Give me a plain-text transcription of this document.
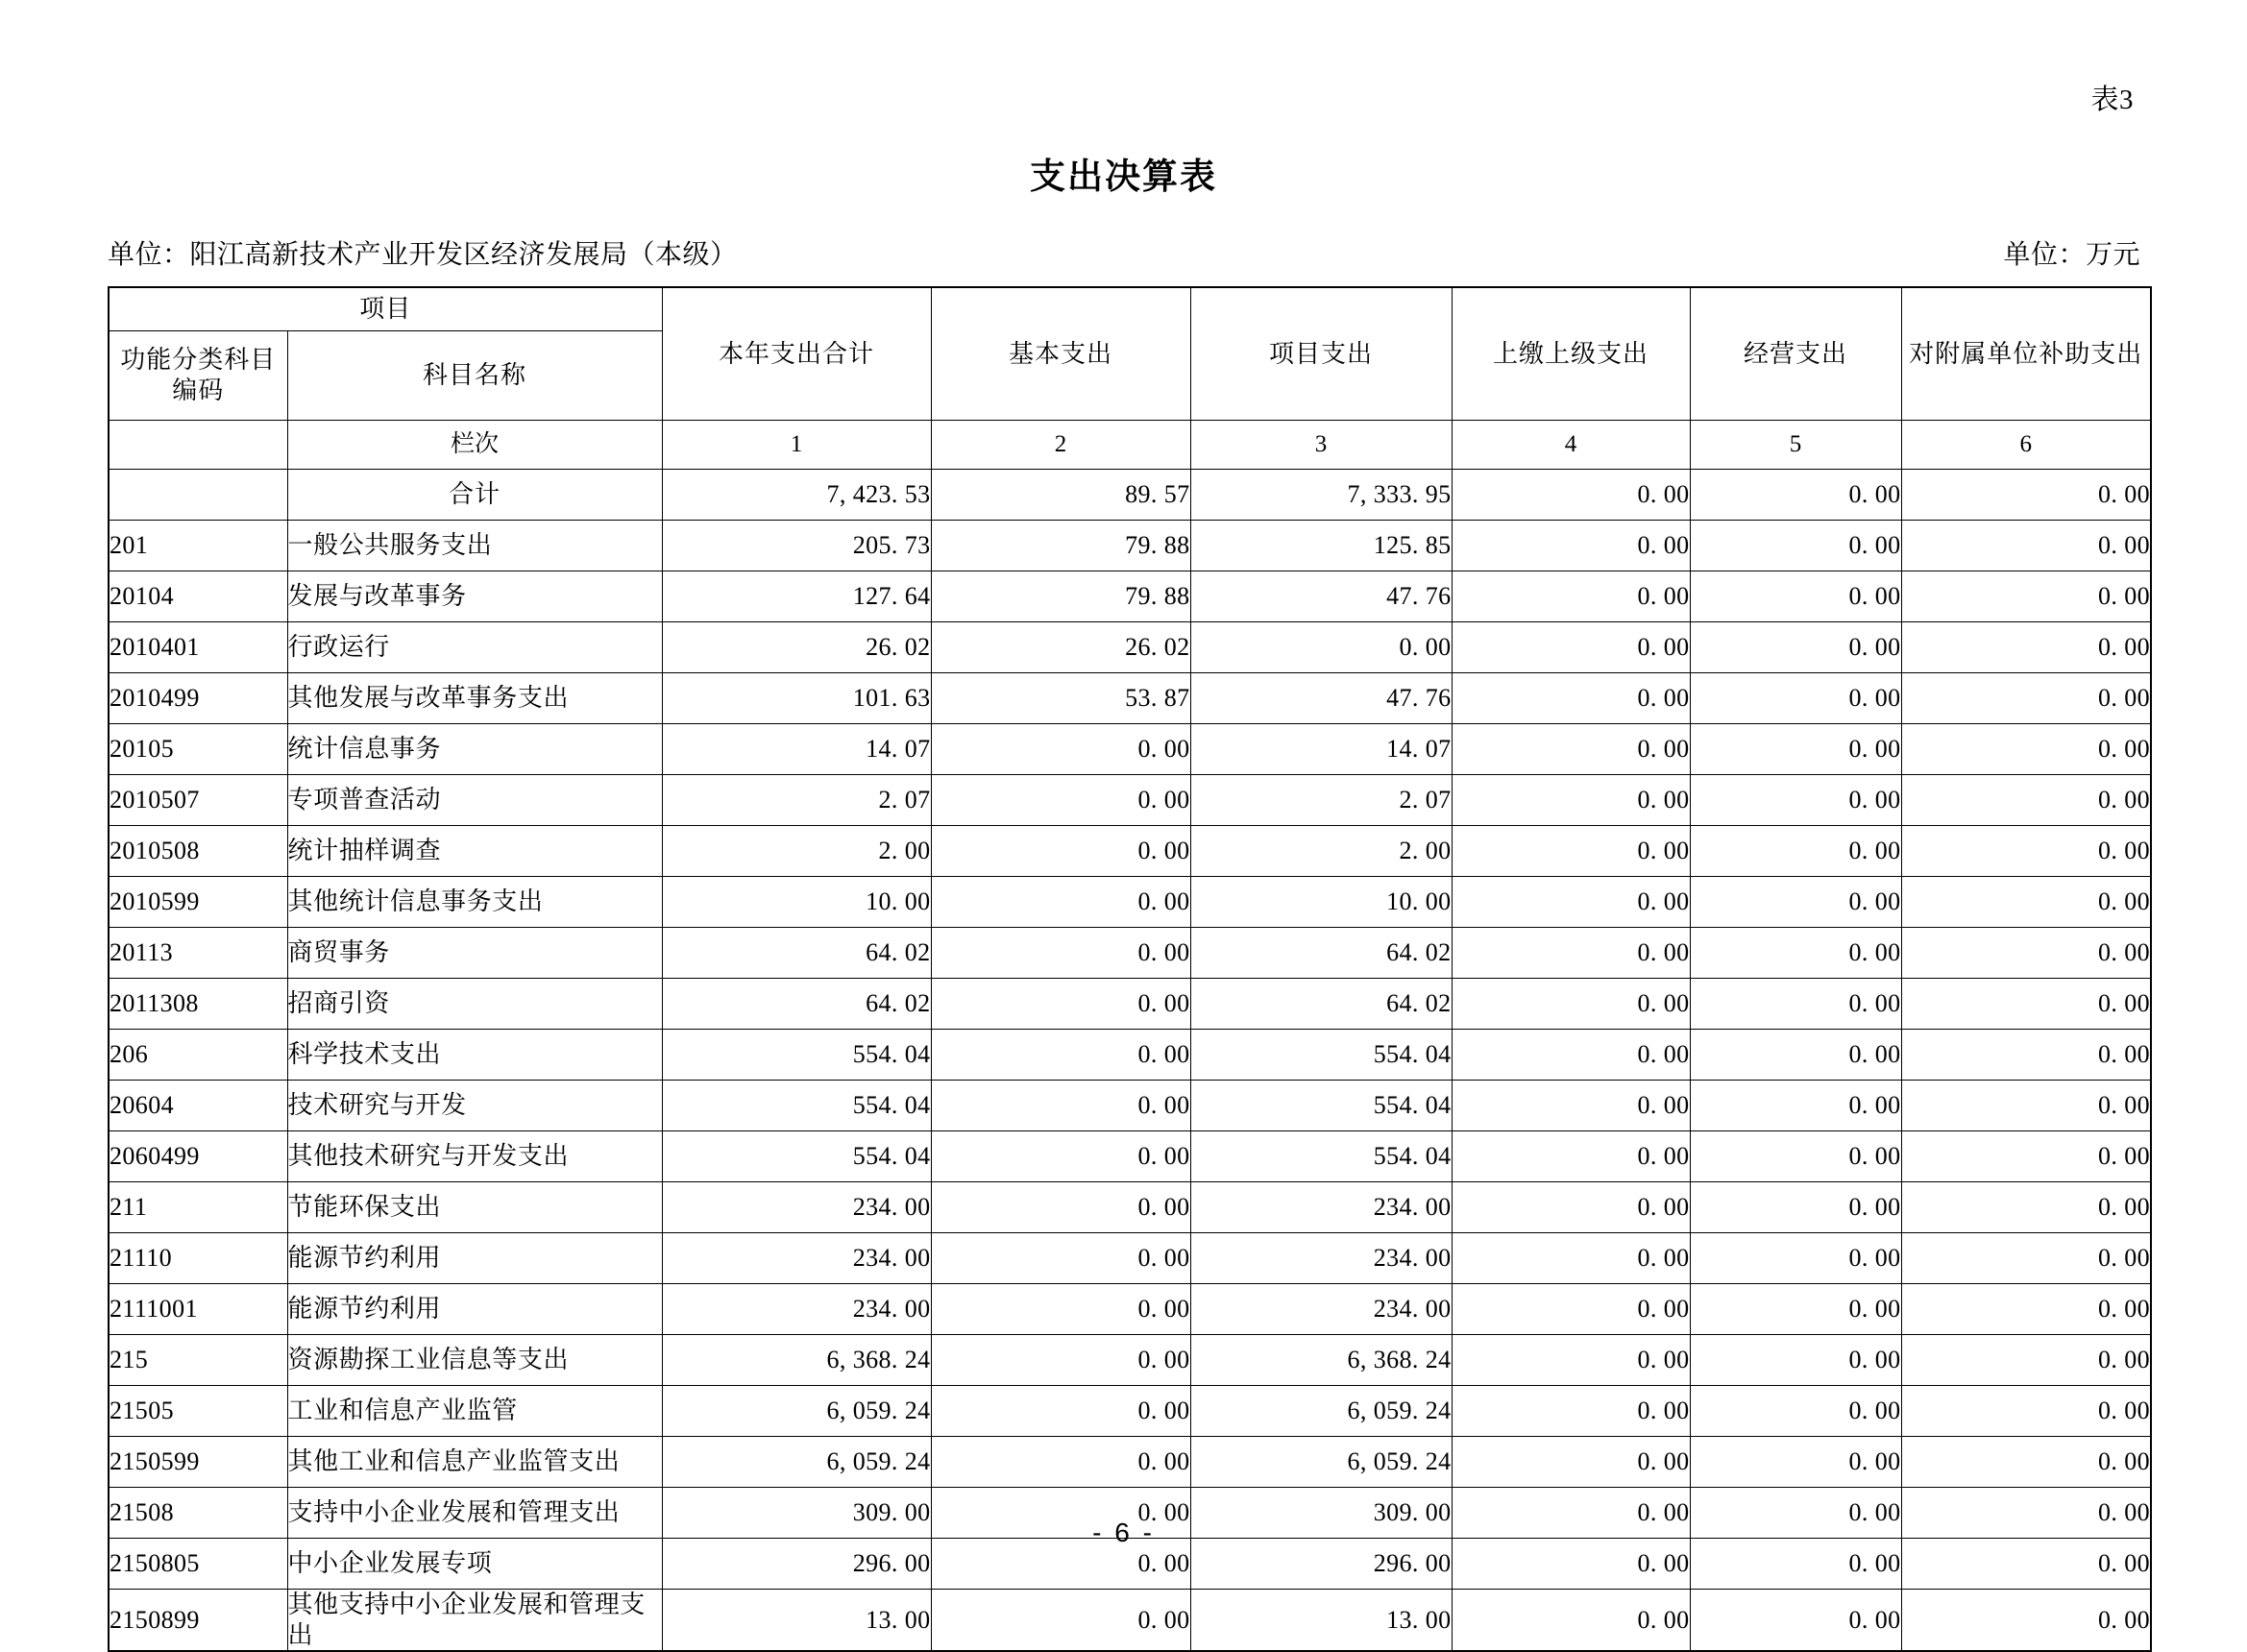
表3
支出决算表
单位：阳江高新技术产业开发区经济发展局（本级）	单位：万元
项目		本年支出合计	基本支出	项目支出	上缴上级支出	经营支出	对附属单位补助支出
功能分类科目编码	科目名称						
	栏次	1	2	3	4	5	6
	合计	7, 423. 53	89. 57	7, 333. 95	0. 00	0. 00	0. 00
201	一般公共服务支出	205. 73	79. 88	125. 85	0. 00	0. 00	0. 00
20104	发展与改革事务	127. 64	79. 88	47. 76	0. 00	0. 00	0. 00
2010401	行政运行	26. 02	26. 02	0. 00	0. 00	0. 00	0. 00
2010499	其他发展与改革事务支出	101. 63	53. 87	47. 76	0. 00	0. 00	0. 00
20105	统计信息事务	14. 07	0. 00	14. 07	0. 00	0. 00	0. 00
2010507	专项普查活动	2. 07	0. 00	2. 07	0. 00	0. 00	0. 00
2010508	统计抽样调查	2. 00	0. 00	2. 00	0. 00	0. 00	0. 00
2010599	其他统计信息事务支出	10. 00	0. 00	10. 00	0. 00	0. 00	0. 00
20113	商贸事务	64. 02	0. 00	64. 02	0. 00	0. 00	0. 00
2011308	招商引资	64. 02	0. 00	64. 02	0. 00	0. 00	0. 00
206	科学技术支出	554. 04	0. 00	554. 04	0. 00	0. 00	0. 00
20604	技术研究与开发	554. 04	0. 00	554. 04	0. 00	0. 00	0. 00
2060499	其他技术研究与开发支出	554. 04	0. 00	554. 04	0. 00	0. 00	0. 00
211	节能环保支出	234. 00	0. 00	234. 00	0. 00	0. 00	0. 00
21110	能源节约利用	234. 00	0. 00	234. 00	0. 00	0. 00	0. 00
2111001	能源节约利用	234. 00	0. 00	234. 00	0. 00	0. 00	0. 00
215	资源勘探工业信息等支出	6, 368. 24	0. 00	6, 368. 24	0. 00	0. 00	0. 00
21505	工业和信息产业监管	6, 059. 24	0. 00	6, 059. 24	0. 00	0. 00	0. 00
2150599	其他工业和信息产业监管支出	6, 059. 24	0. 00	6, 059. 24	0. 00	0. 00	0. 00
21508	支持中小企业发展和管理支出	309. 00	0. 00	309. 00	0. 00	0. 00	0. 00
2150805	中小企业发展专项	296. 00	0. 00	296. 00	0. 00	0. 00	0. 00
2150899	其他支持中小企业发展和管理支出	13. 00	0. 00	13. 00	0. 00	0. 00	0. 00
- 6 -
